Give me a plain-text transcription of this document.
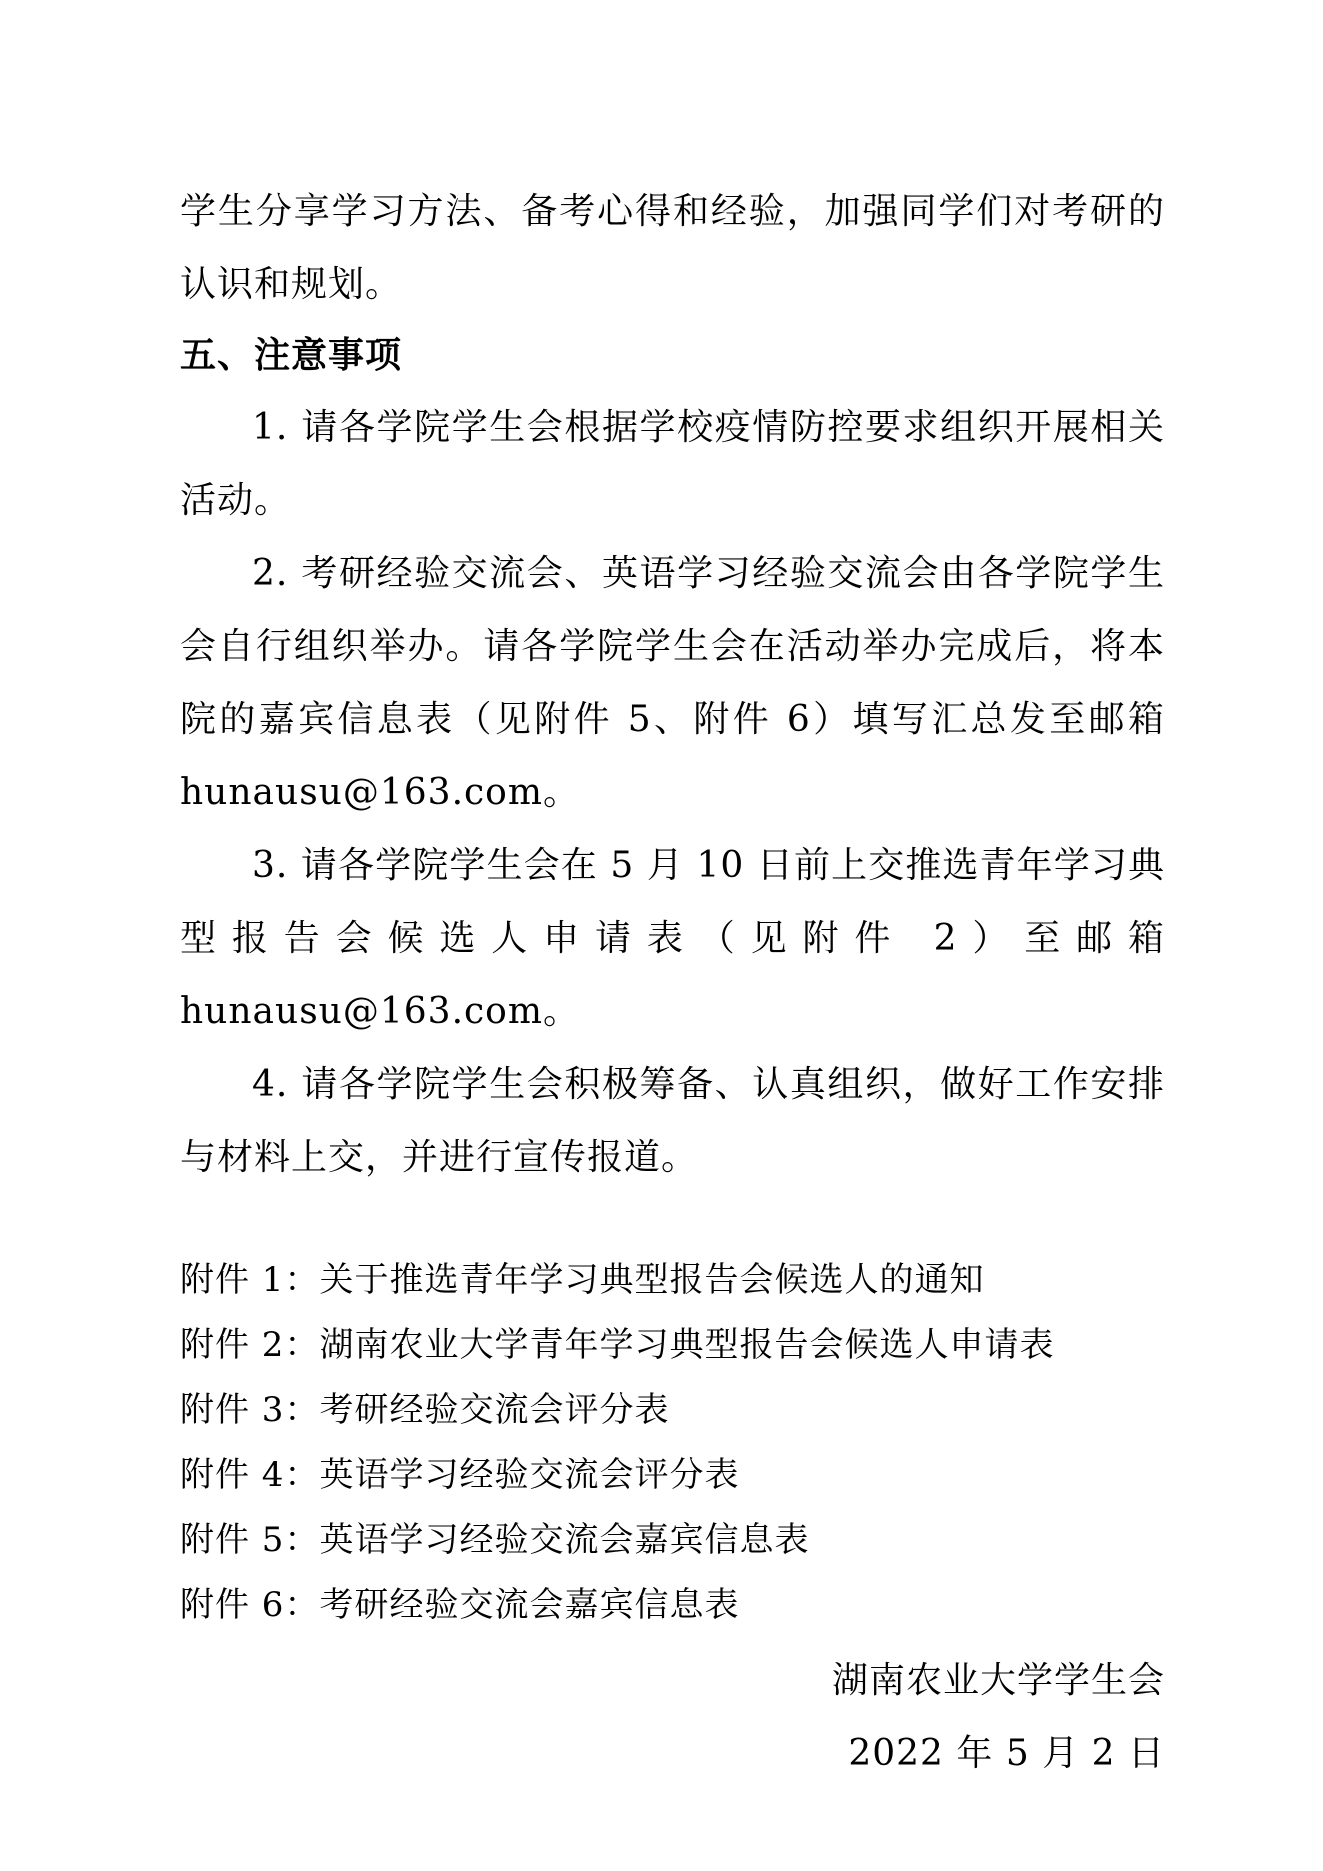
学生分享学习方法、备考心得和经验，加强同学们对考研的认识和规划。

五、注意事项

1. 请各学院学生会根据学校疫情防控要求组织开展相关活动。

2. 考研经验交流会、英语学习经验交流会由各学院学生会自行组织举办。请各学院学生会在活动举办完成后，将本院的嘉宾信息表（见附件 5、附件 6）填写汇总发至邮箱 hunausu@163.com。

3. 请各学院学生会在 5 月 10 日前上交推选青年学习典型报告会候选人申请表（见附件 2）至邮箱 hunausu@163.com。

4. 请各学院学生会积极筹备、认真组织，做好工作安排与材料上交，并进行宣传报道。

附件 1：关于推选青年学习典型报告会候选人的通知

附件 2：湖南农业大学青年学习典型报告会候选人申请表

附件 3：考研经验交流会评分表

附件 4：英语学习经验交流会评分表

附件 5：英语学习经验交流会嘉宾信息表

附件 6：考研经验交流会嘉宾信息表

湖南农业大学学生会

2022 年 5 月 2 日
